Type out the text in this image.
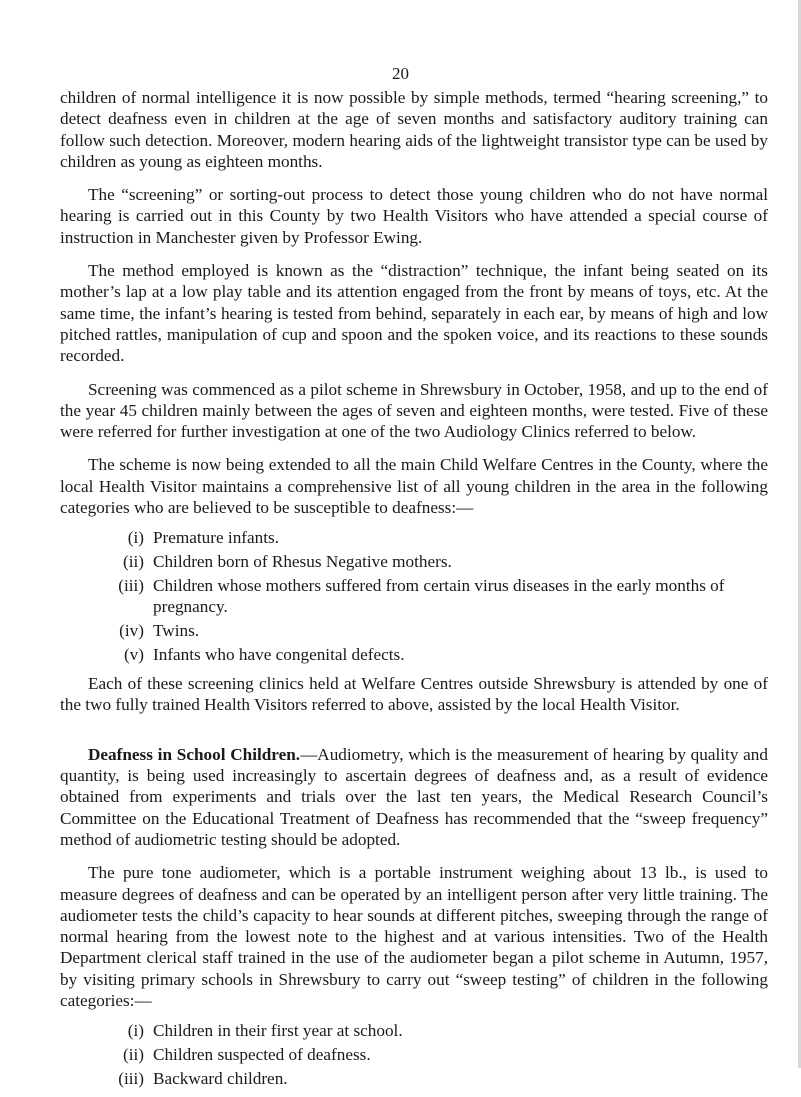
20

children of normal intelligence it is now possible by simple methods, termed “hearing screening,” to detect deafness even in children at the age of seven months and satisfactory auditory training can follow such detection. Moreover, modern hearing aids of the lightweight transistor type can be used by children as young as eighteen months.

The “screening” or sorting-out process to detect those young children who do not have normal hearing is carried out in this County by two Health Visitors who have attended a special course of instruction in Manchester given by Professor Ewing.

The method employed is known as the “distraction” technique, the infant being seated on its mother’s lap at a low play table and its attention engaged from the front by means of toys, etc. At the same time, the infant’s hearing is tested from behind, separately in each ear, by means of high and low pitched rattles, manipulation of cup and spoon and the spoken voice, and its reactions to these sounds recorded.

Screening was commenced as a pilot scheme in Shrewsbury in October, 1958, and up to the end of the year 45 children mainly between the ages of seven and eighteen months, were tested. Five of these were referred for further investigation at one of the two Audiology Clinics referred to below.

The scheme is now being extended to all the main Child Welfare Centres in the County, where the local Health Visitor maintains a comprehensive list of all young children in the area in the following categories who are believed to be susceptible to deafness:—

(i) Premature infants.
(ii) Children born of Rhesus Negative mothers.
(iii) Children whose mothers suffered from certain virus diseases in the early months of pregnancy.
(iv) Twins.
(v) Infants who have congenital defects.

Each of these screening clinics held at Welfare Centres outside Shrewsbury is attended by one of the two fully trained Health Visitors referred to above, assisted by the local Health Visitor.

Deafness in School Children.—Audiometry, which is the measurement of hearing by quality and quantity, is being used increasingly to ascertain degrees of deafness and, as a result of evidence obtained from experiments and trials over the last ten years, the Medical Research Council’s Committee on the Educational Treatment of Deafness has recommended that the “sweep frequency” method of audiometric testing should be adopted.

The pure tone audiometer, which is a portable instrument weighing about 13 lb., is used to measure degrees of deafness and can be operated by an intelligent person after very little training. The audiometer tests the child’s capacity to hear sounds at different pitches, sweeping through the range of normal hearing from the lowest note to the highest and at various intensities. Two of the Health Department clerical staff trained in the use of the audiometer began a pilot scheme in Autumn, 1957, by visiting primary schools in Shrewsbury to carry out “sweep testing” of children in the following categories:—

(i) Children in their first year at school.
(ii) Children suspected of deafness.
(iii) Backward children.
